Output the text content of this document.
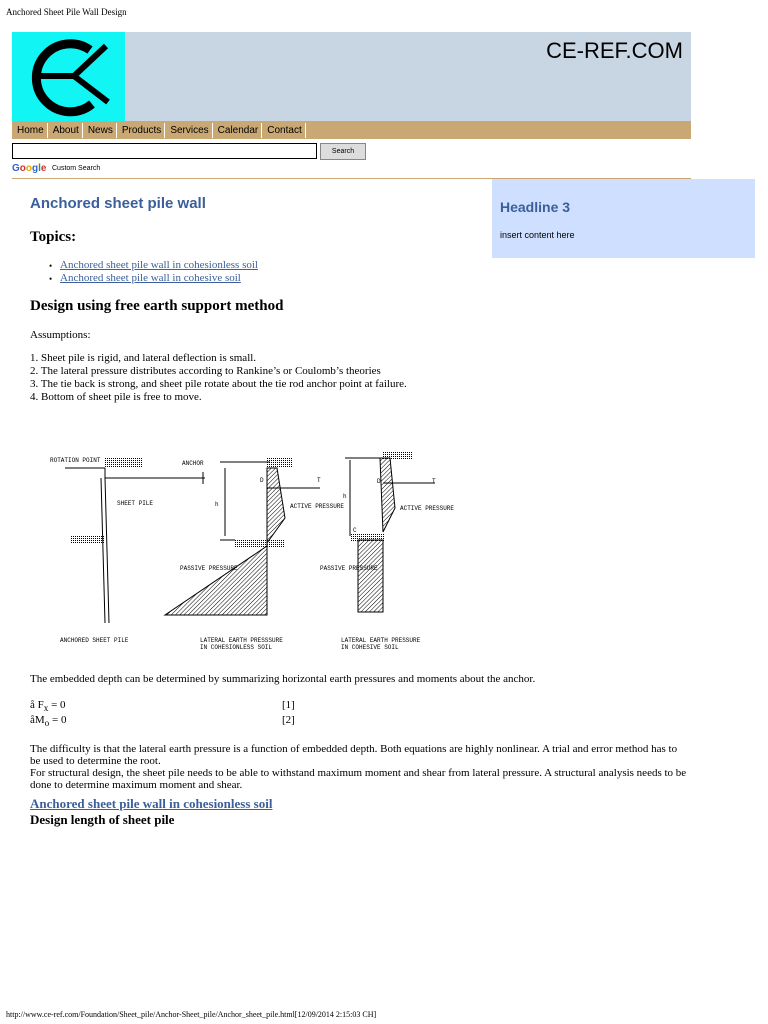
Anchored Sheet Pile Wall Design
CE-REF.COM
Home About News Products Services Calendar Contact
Search
Google Custom Search
Headline 3
insert content here
Anchored sheet pile wall
Topics:
•
•
Anchored sheet pile wall in cohesionless soil
Anchored sheet pile wall in cohesive soil
Design using free earth support method
Assumptions:
1. Sheet pile is rigid, and lateral deflection is small.
2. The lateral pressure distributes according to Rankine’s or Coulomb’s theories
3. The tie back is strong, and sheet pile rotate about the tie rod anchor point at failure.
4. Bottom of sheet pile is free to move.
ROTATION POINT	ANCHOR
SHEET PILE
ANCHORED SHEET PILE
h
D	T
ACTIVE PRESSURE
PASSIVE PRESSURE
LATERAL EARTH PRESSSURE
IN COHESIONLESS SOIL
h
D	T
C
ACTIVE PRESSURE
PASSIVE PRESSURE
LATERAL EARTH PRESSURE
IN COHESIVE SOIL
The embedded depth can be determined by summarizing horizontal earth pressures and moments about the anchor.
å $F_x = 0$	[1]
$åM_o = 0$	[2]
The difficulty is that the lateral earth pressure is a function of embedded depth. Both equations are highly nonlinear. A trial and error method has to be used to determine the root.
For structural design, the sheet pile needs to be able to withstand maximum moment and shear from lateral pressure. A structural analysis needs to be done to determine maximum moment and shear.
Anchored sheet pile wall in cohesionless soil
Design length of sheet pile
http://www.ce-ref.com/Foundation/Sheet_pile/Anchor-Sheet_pile/Anchor_sheet_pile.html[12/09/2014 2:15:03 CH]
